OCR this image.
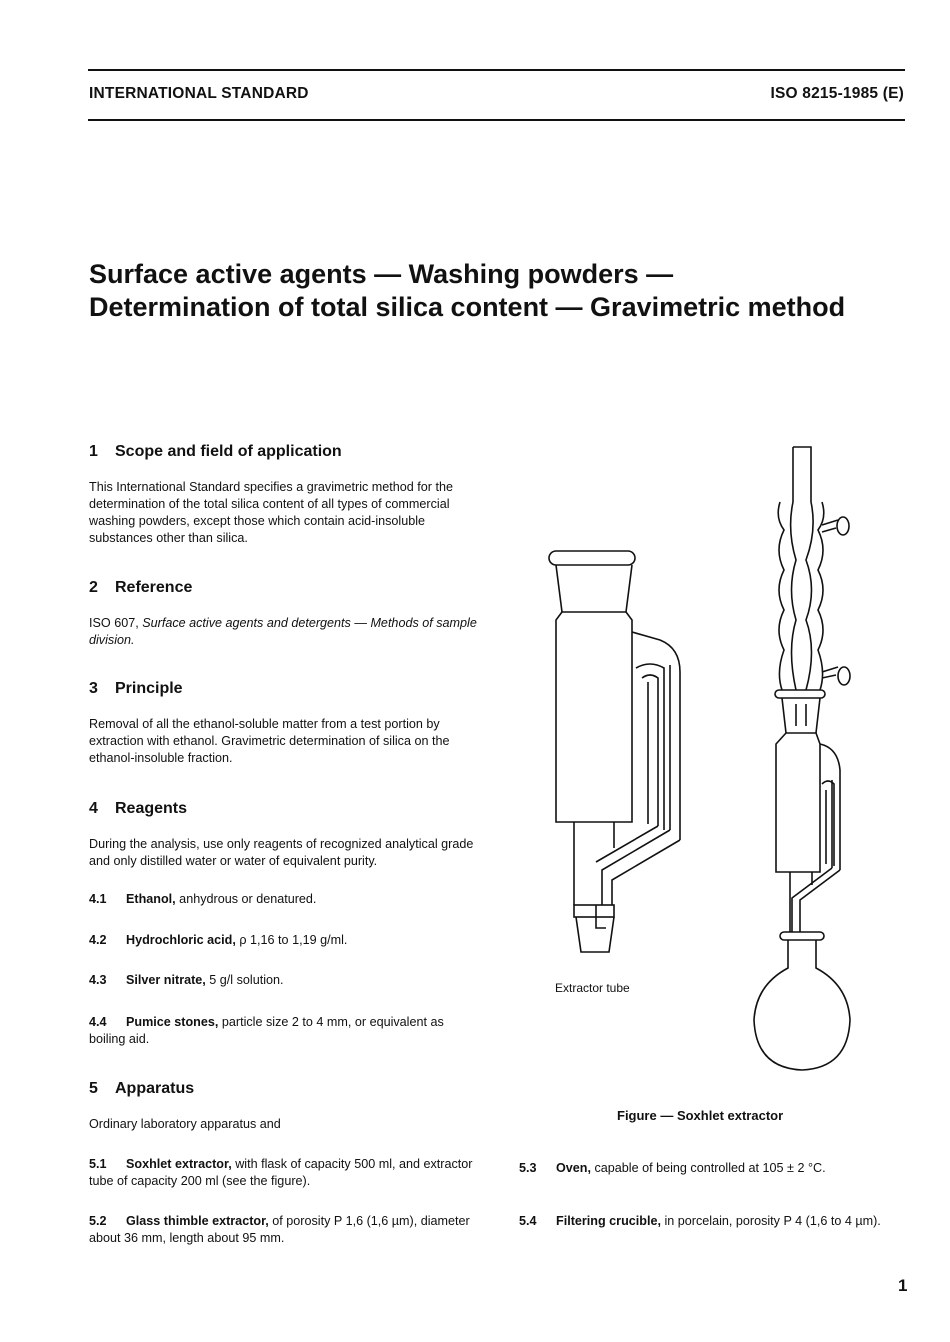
INTERNATIONAL STANDARD	ISO 8215-1985 (E)
Surface active agents — Washing powders —
Determination of total silica content — Gravimetric method
1 Scope and field of application

This International Standard specifies a gravimetric method for the determination of the total silica content of all types of commercial washing powders, except those which contain acid-insoluble substances other than silica.

2 Reference

ISO 607, Surface active agents and detergents — Methods of sample division.

3 Principle

Removal of all the ethanol-soluble matter from a test portion by extraction with ethanol. Gravimetric determination of silica on the ethanol-insoluble fraction.

4 Reagents

During the analysis, use only reagents of recognized analytical grade and only distilled water or water of equivalent purity.

4.1 Ethanol, anhydrous or denatured.
4.2 Hydrochloric acid, ρ 1,16 to 1,19 g/ml.
4.3 Silver nitrate, 5 g/l solution.
4.4 Pumice stones, particle size 2 to 4 mm, or equivalent as boiling aid.
5 Apparatus

Ordinary laboratory apparatus and

5.1 Soxhlet extractor, with flask of capacity 500 ml, and extractor tube of capacity 200 ml (see the figure).
5.2 Glass thimble extractor, of porosity P 1,6 (1,6 µm), diameter about 36 mm, length about 95 mm.
5.3 Oven, capable of being controlled at 105 ± 2 °C.
5.4 Filtering crucible, in porcelain, porosity P 4 (1,6 to 4 µm).
Extractor tube
Figure — Soxhlet extractor
1
